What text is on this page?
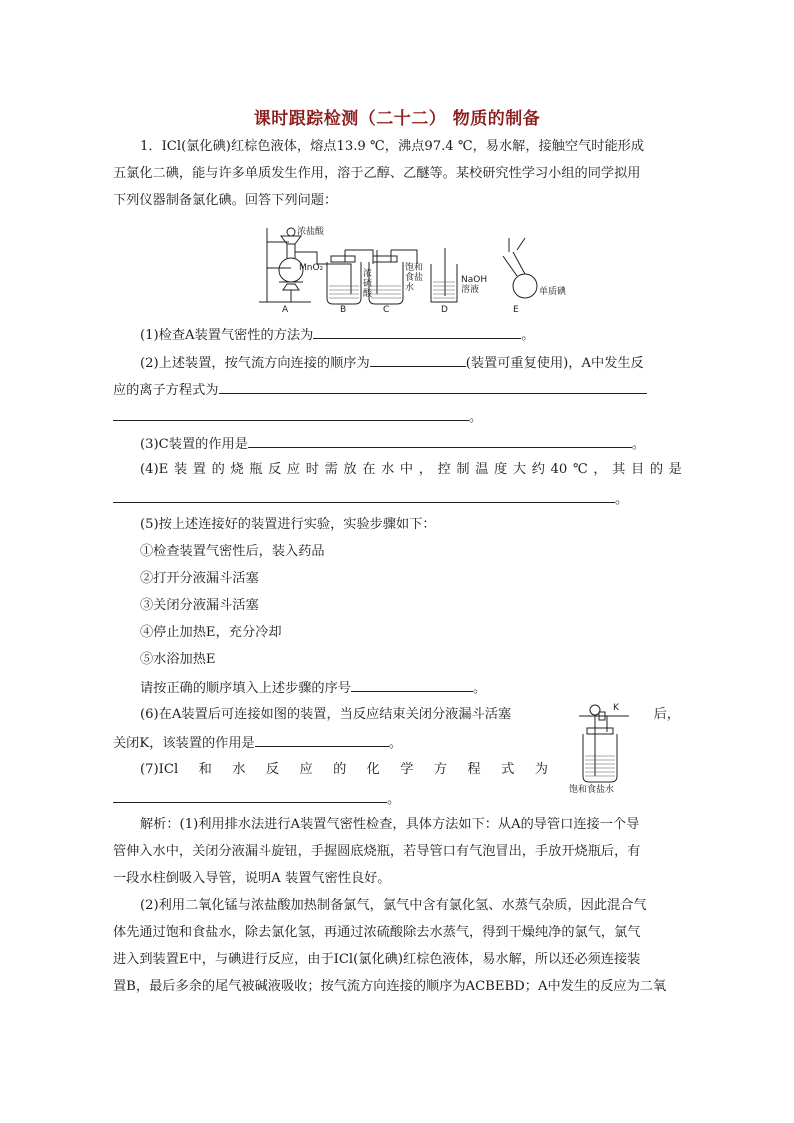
课时跟踪检测（二十二） 物质的制备
1．ICl(氯化碘)红棕色液体，熔点13.9 ℃，沸点97.4 ℃，易水解，接触空气时能形成
五氯化二碘，能与许多单质发生作用，溶于乙醇、乙醚等。某校研究性学习小组的同学拟用
下列仪器制备氯化碘。回答下列问题：
浓盐酸
MnO₂
浓
硫
酸
饱和
食盐
水
NaOH
溶液	单质碘
A	B	C	D	E
(1)检查A装置气密性的方法为	。
(2)上述装置，按气流方向连接的顺序为	(装置可重复使用)，A中发生反
应的离子方程式为
。
(3)C装置的作用是	。
(4)E 装 置 的 烧 瓶 反 应 时 需 放 在 水 中 ， 控 制 温 度 大 约 40 ℃ ， 其 目 的 是
。
(5)按上述连接好的装置进行实验，实验步骤如下：
①检查装置气密性后，装入药品
②打开分液漏斗活塞
③关闭分液漏斗活塞
④停止加热E，充分冷却
⑤水浴加热E
请按正确的顺序填入上述步骤的序号	。
(6)在A装置后可连接如图的装置，当反应结束关闭分液漏斗活塞	后，
关闭K，该装置的作用是	。
K
饱和食盐水
(7)ICl 和 水 反 应 的 化 学 方 程 式 为
。
解析：(1)利用排水法进行A装置气密性检查，具体方法如下：从A的导管口连接一个导
管伸入水中，关闭分液漏斗旋钮，手握圆底烧瓶，若导管口有气泡冒出，手放开烧瓶后，有
一段水柱倒吸入导管，说明A 装置气密性良好。
(2)利用二氧化锰与浓盐酸加热制备氯气，氯气中含有氯化氢、水蒸气杂质，因此混合气
体先通过饱和食盐水，除去氯化氢，再通过浓硫酸除去水蒸气，得到干燥纯净的氯气，氯气
进入到装置E中，与碘进行反应，由于ICl(氯化碘)红棕色液体，易水解，所以还必须连接装
置B，最后多余的尾气被碱液吸收；按气流方向连接的顺序为ACBEBD；A中发生的反应为二氧
